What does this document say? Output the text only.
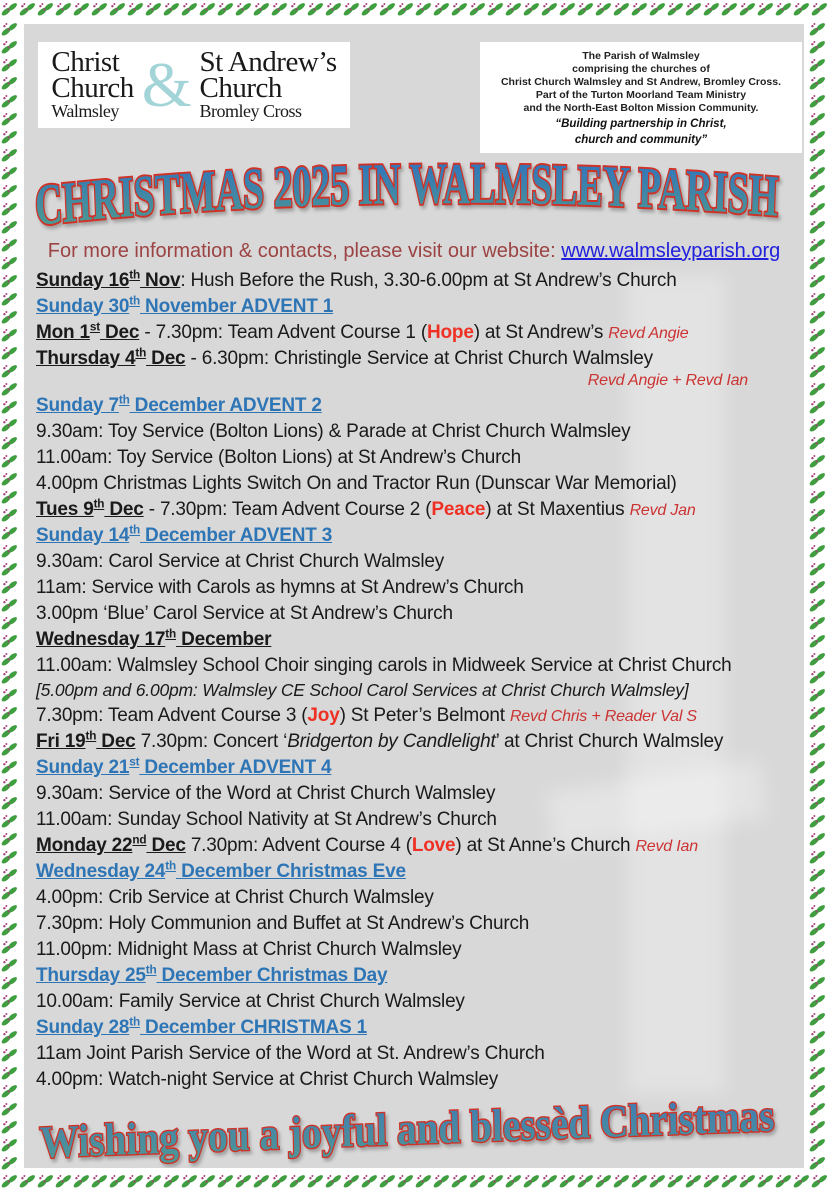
Christ
Church
Walmsley & St Andrew’s
Church
Bromley Cross
The Parish of Walmsley
comprising the churches of
Christ Church Walmsley and St Andrew, Bromley Cross.
Part of the Turton Moorland Team Ministry
and the North-East Bolton Mission Community.
“Building partnership in Christ,
church and community”
CHRISTMAS 2025 IN WALMSLEY PARISH
For more information & contacts, please visit our website: www.walmsleyparish.org
Sunday 16th Nov: Hush Before the Rush, 3.30-6.00pm at St Andrew’s Church
Sunday 30th November ADVENT 1
Mon 1st Dec - 7.30pm: Team Advent Course 1 (Hope) at St Andrew’s Revd Angie
Thursday 4th Dec - 6.30pm: Christingle Service at Christ Church Walmsley
Revd Angie + Revd Ian
Sunday 7th December ADVENT 2
9.30am: Toy Service (Bolton Lions) & Parade at Christ Church Walmsley
11.00am: Toy Service (Bolton Lions) at St Andrew’s Church
4.00pm Christmas Lights Switch On and Tractor Run (Dunscar War Memorial)
Tues 9th Dec - 7.30pm: Team Advent Course 2 (Peace) at St Maxentius Revd Jan
Sunday 14th December ADVENT 3
9.30am: Carol Service at Christ Church Walmsley
11am: Service with Carols as hymns at St Andrew’s Church
3.00pm ‘Blue’ Carol Service at St Andrew’s Church
Wednesday 17th December
11.00am: Walmsley School Choir singing carols in Midweek Service at Christ Church
[5.00pm and 6.00pm: Walmsley CE School Carol Services at Christ Church Walmsley]
7.30pm: Team Advent Course 3 (Joy) St Peter’s Belmont Revd Chris + Reader Val S
Fri 19th Dec 7.30pm: Concert ‘Bridgerton by Candlelight’ at Christ Church Walmsley
Sunday 21st December ADVENT 4
9.30am: Service of the Word at Christ Church Walmsley
11.00am: Sunday School Nativity at St Andrew’s Church
Monday 22nd Dec 7.30pm: Advent Course 4 (Love) at St Anne’s Church Revd Ian
Wednesday 24th December Christmas Eve
4.00pm: Crib Service at Christ Church Walmsley
7.30pm: Holy Communion and Buffet at St Andrew’s Church
11.00pm: Midnight Mass at Christ Church Walmsley
Thursday 25th December Christmas Day
10.00am: Family Service at Christ Church Walmsley
Sunday 28th December CHRISTMAS 1
11am Joint Parish Service of the Word at St. Andrew’s Church
4.00pm: Watch-night Service at Christ Church Walmsley
Wishing you a joyful and blessèd Christmas
